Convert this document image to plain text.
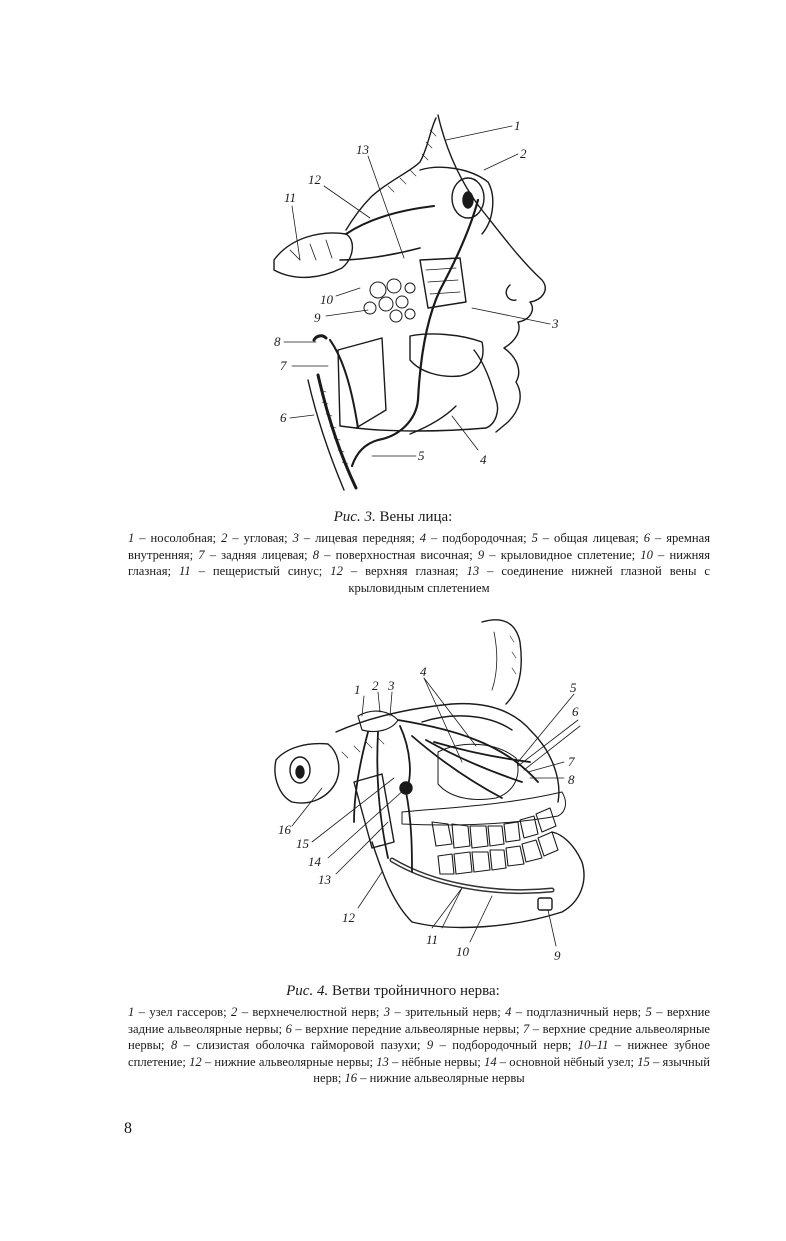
1
2
3
4
5
6
7
8
9
10
11
12
13
Рис. 3. Вены лица:
1 – носолобная; 2 – угловая; 3 – лицевая передняя; 4 – подбородочная; 5 – общая лицевая; 6 – яремная внутренняя; 7 – задняя лицевая; 8 – поверхностная височная; 9 – крыловидное сплетение; 10 – нижняя глазная; 11 – пещеристый синус; 12 – верхняя глазная; 13 – соединение нижней глазной вены с крыловидным сплетением
1 2 3
4
5
6
7
8
9
10
11
12
13
14
15
16
Рис. 4. Ветви тройничного нерва:
1 – узел гассеров; 2 – верхнечелюстной нерв; 3 – зрительный нерв; 4 – подглазничный нерв; 5 – верхние задние альвеолярные нервы; 6 – верхние передние альвеолярные нервы; 7 – верхние средние альвеолярные нервы; 8 – слизистая оболочка гайморовой пазухи; 9 – подбородочный нерв; 10–11 – нижнее зубное сплетение; 12 – нижние альвеолярные нервы; 13 – нёбные нервы; 14 – основной нёбный узел; 15 – язычный нерв; 16 – нижние альвеолярные нервы
8
